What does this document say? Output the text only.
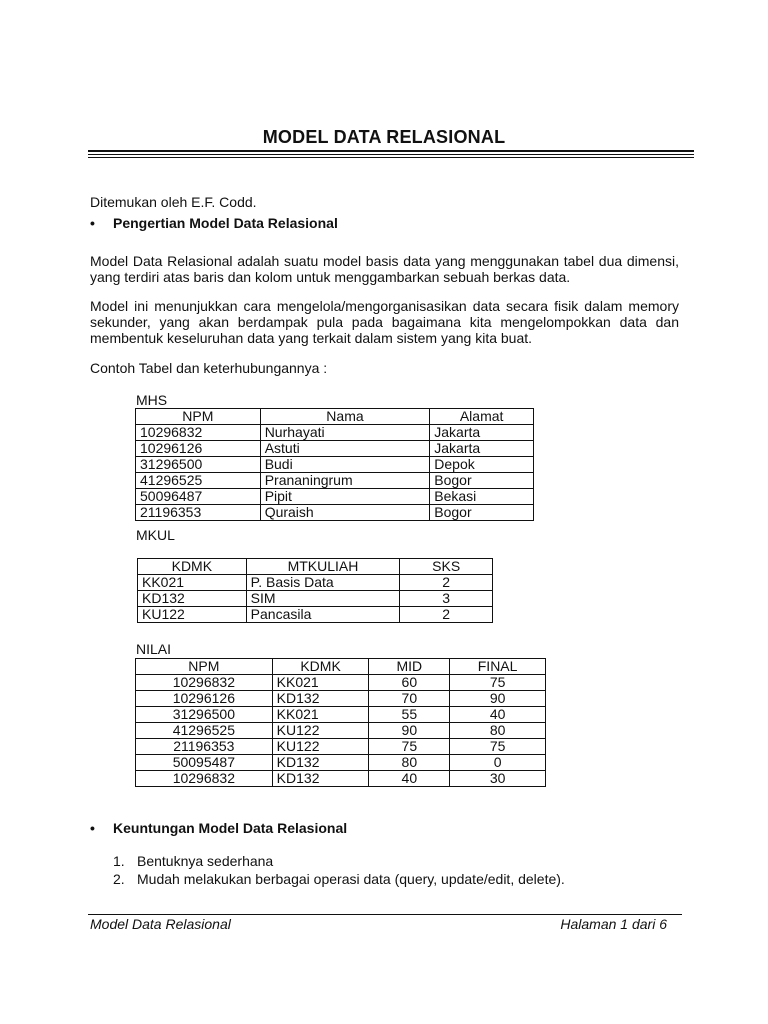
MODEL DATA RELASIONAL
Ditemukan oleh E.F. Codd.
• Pengertian Model Data Relasional
Model Data Relasional adalah suatu model basis data yang menggunakan tabel dua dimensi, yang terdiri atas baris dan kolom untuk menggambarkan sebuah berkas data.
Model ini menunjukkan cara mengelola/mengorganisasikan data secara fisik dalam memory sekunder, yang akan berdampak pula pada bagaimana kita mengelompokkan data dan membentuk keseluruhan data yang terkait dalam sistem yang kita buat.
Contoh Tabel dan keterhubungannya :
MHS
NPM	Nama	Alamat
10296832	Nurhayati	Jakarta
10296126	Astuti	Jakarta
31296500	Budi	Depok
41296525	Prananingrum	Bogor
50096487	Pipit	Bekasi
21196353	Quraish	Bogor
MKUL
KDMK	MTKULIAH	SKS
KK021	P. Basis Data	2
KD132	SIM	3
KU122	Pancasila	2
NILAI
NPM	KDMK	MID	FINAL
10296832	KK021	60	75
10296126	KD132	70	90
31296500	KK021	55	40
41296525	KU122	90	80
21196353	KU122	75	75
50095487	KD132	80	0
10296832	KD132	40	30
• Keuntungan Model Data Relasional
1. Bentuknya sederhana
2. Mudah melakukan berbagai operasi data (query, update/edit, delete).
Model Data Relasional	Halaman 1 dari 6
